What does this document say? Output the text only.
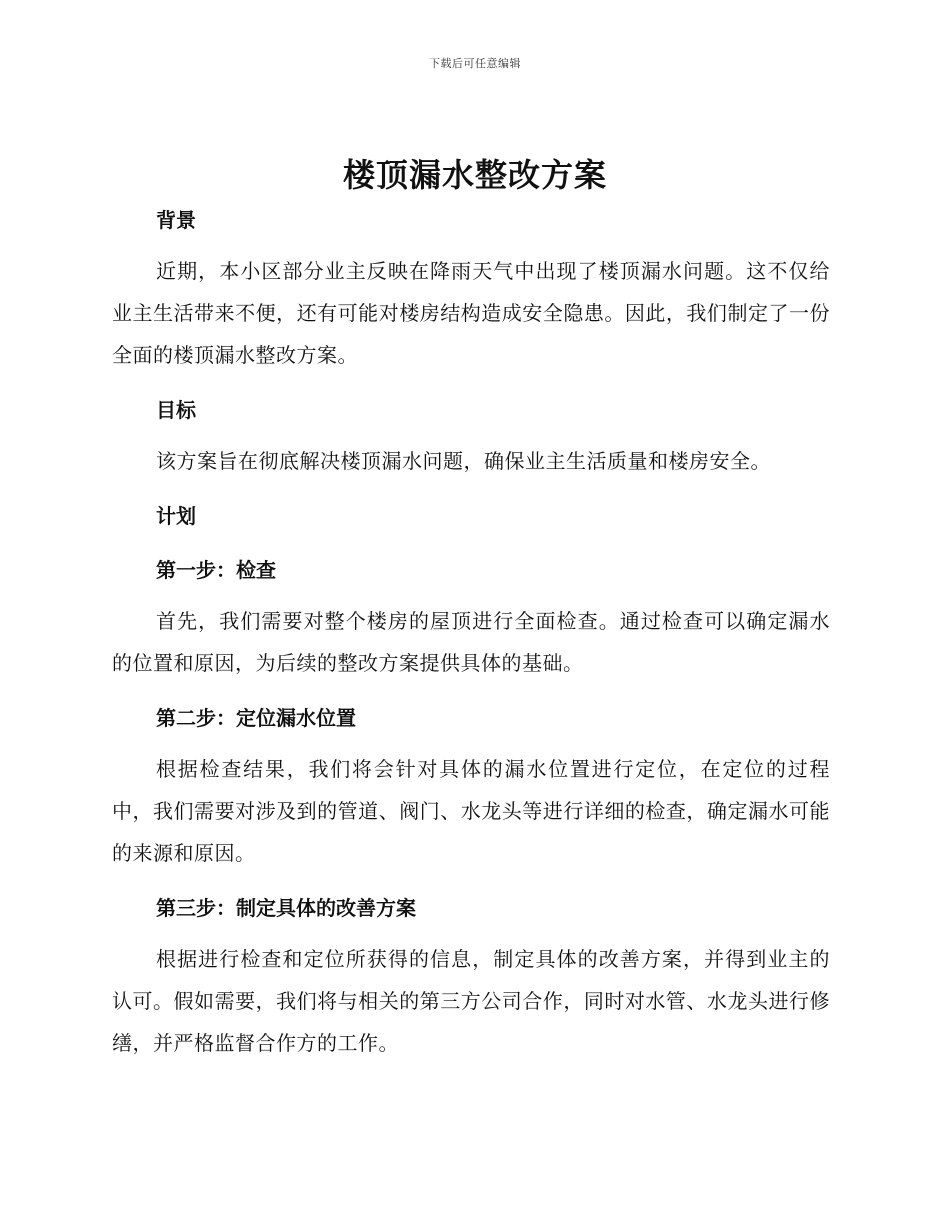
下载后可任意编辑
楼顶漏水整改方案
背景

近期，本小区部分业主反映在降雨天气中出现了楼顶漏水问题。这不仅给业主生活带来不便，还有可能对楼房结构造成安全隐患。因此，我们制定了一份全面的楼顶漏水整改方案。

目标

该方案旨在彻底解决楼顶漏水问题，确保业主生活质量和楼房安全。

计划
第一步：检查

首先，我们需要对整个楼房的屋顶进行全面检查。通过检查可以确定漏水的位置和原因，为后续的整改方案提供具体的基础。

第二步：定位漏水位置

根据检查结果，我们将会针对具体的漏水位置进行定位，在定位的过程中，我们需要对涉及到的管道、阀门、水龙头等进行详细的检查，确定漏水可能的来源和原因。

第三步：制定具体的改善方案

根据进行检查和定位所获得的信息，制定具体的改善方案，并得到业主的认可。假如需要，我们将与相关的第三方公司合作，同时对水管、水龙头进行修缮，并严格监督合作方的工作。
